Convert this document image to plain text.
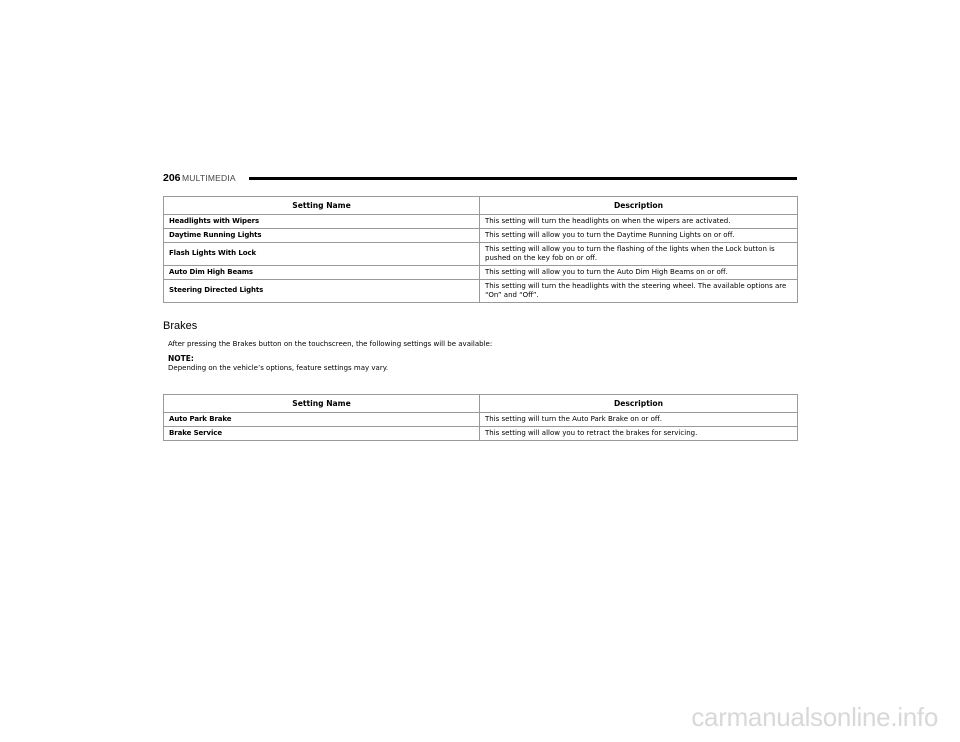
206 MULTIMEDIA
Setting Name	Description
Headlights with Wipers	This setting will turn the headlights on when the wipers are activated.
Daytime Running Lights	This setting will allow you to turn the Daytime Running Lights on or off.
Flash Lights With Lock	This setting will allow you to turn the flashing of the lights when the Lock button is pushed on the key fob on or off.
Auto Dim High Beams	This setting will allow you to turn the Auto Dim High Beams on or off.
Steering Directed Lights	This setting will turn the headlights with the steering wheel. The available options are “On” and “Off”.
Brakes
After pressing the Brakes button on the touchscreen, the following settings will be available:
NOTE:
Depending on the vehicle’s options, feature settings may vary.
Setting Name	Description
Auto Park Brake	This setting will turn the Auto Park Brake on or off.
Brake Service	This setting will allow you to retract the brakes for servicing.
carmanualsonline.info
